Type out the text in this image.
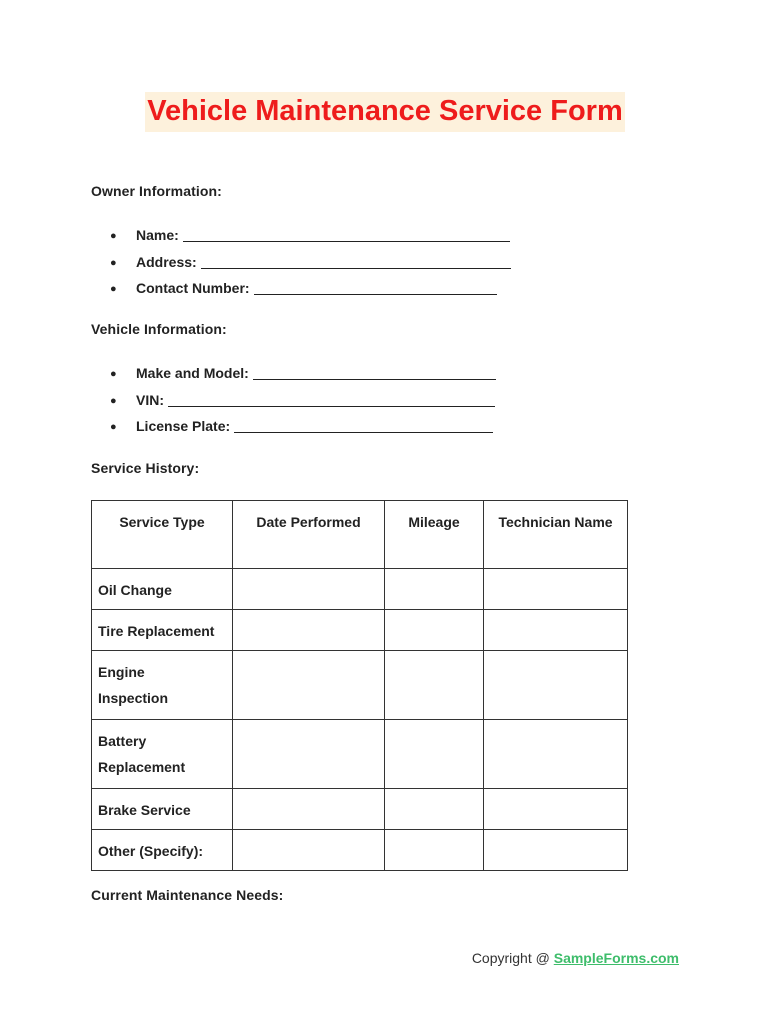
Vehicle Maintenance Service Form
Owner Information:
● Name:
● Address:
● Contact Number:
Vehicle Information:
● Make and Model:
● VIN:
● License Plate:
Service History:
Service Type	Date Performed	Mileage	Technician Name
Oil Change			
Tire Replacement			
Engine Inspection			
Battery Replacement			
Brake Service			
Other (Specify):			
Current Maintenance Needs:
Copyright @ SampleForms.com
